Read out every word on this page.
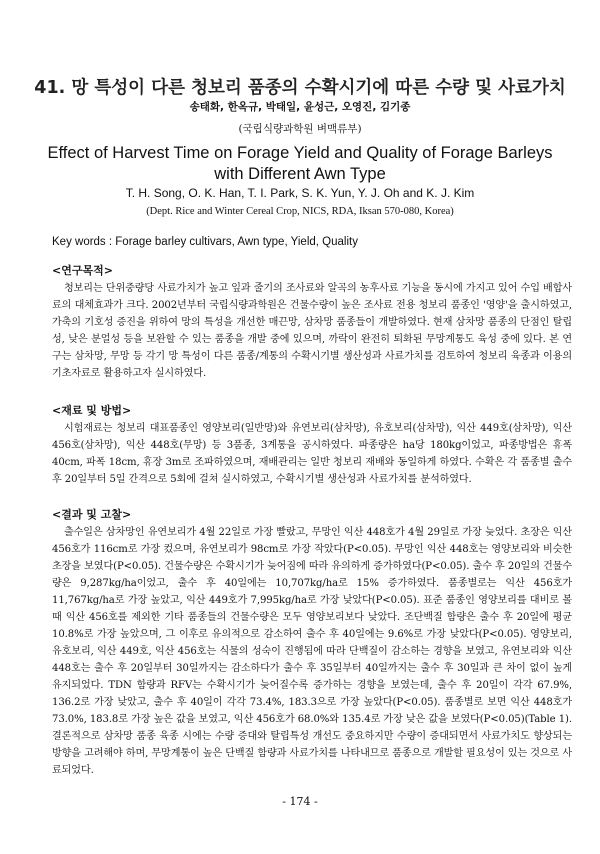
41. 망 특성이 다른 청보리 품종의 수확시기에 따른 수량 및 사료가치
송태화, 한옥규, 박태일, 윤성근, 오영진, 김기종
(국립식량과학원 벼맥류부)
Effect of Harvest Time on Forage Yield and Quality of Forage Barleys
with Different Awn Type
T. H. Song, O. K. Han, T. I. Park, S. K. Yun, Y. J. Oh and K. J. Kim
(Dept. Rice and Winter Cereal Crop, NICS, RDA, Iksan 570-080, Korea)
Key words : Forage barley cultivars, Awn type, Yield, Quality
<연구목적>

청보리는 단위중량당 사료가치가 높고 잎과 줄기의 조사료와 알곡의 농후사료 기능을 동시에 가지고 있어 수입 배합사료의 대체효과가 크다. 2002년부터 국립식량과학원은 건물수량이 높은 조사료 전용 청보리 품종인 '영양'을 출시하였고, 가축의 기호성 증진을 위하여 망의 특성을 개선한 매끈망, 삼차망 품종들이 개발하였다. 현재 삼차망 품종의 단점인 탈립성, 낮은 분얼성 등을 보완할 수 있는 품종을 개발 중에 있으며, 까락이 완전히 퇴화된 무망계통도 육성 중에 있다. 본 연구는 삼차망, 무망 등 각기 망 특성이 다른 품종/계통의 수확시기별 생산성과 사료가치를 검토하여 청보리 육종과 이용의 기초자료로 활용하고자 실시하였다.

<재료 및 방법>

시험재료는 청보리 대표품종인 영양보리(일반망)와 유연보리(삼차망), 유호보리(삼차망), 익산 449호(삼차망), 익산 456호(삼차망), 익산 448호(무망) 등 3품종, 3계통을 공시하였다. 파종량은 ha당 180kg이었고, 파종방법은 휴폭 40cm, 파폭 18cm, 휴장 3m로 조파하였으며, 재배관리는 일반 청보리 재배와 동일하게 하였다. 수확은 각 품종별 출수 후 20일부터 5일 간격으로 5회에 걸쳐 실시하였고, 수확시기별 생산성과 사료가치를 분석하였다.

<결과 및 고찰>

출수일은 삼차망인 유연보리가 4월 22일로 가장 빨랐고, 무망인 익산 448호가 4월 29일로 가장 늦었다. 초장은 익산 456호가 116cm로 가장 컸으며, 유연보리가 98cm로 가장 작았다(P<0.05). 무망인 익산 448호는 영양보리와 비슷한 초장을 보였다(P<0.05). 건물수량은 수확시기가 늦어짐에 따라 유의하게 증가하였다(P<0.05). 출수 후 20일의 건물수량은 9,287kg/ha이었고, 출수 후 40일에는 10,707kg/ha로 15% 증가하였다. 품종별로는 익산 456호가 11,767kg/ha로 가장 높았고, 익산 449호가 7,995kg/ha로 가장 낮았다(P<0.05). 표준 품종인 영양보리를 대비로 볼 때 익산 456호를 제외한 기타 품종들의 건물수량은 모두 영양보리보다 낮았다. 조단백질 함량은 출수 후 20일에 평균 10.8%로 가장 높았으며, 그 이후로 유의적으로 감소하여 출수 후 40일에는 9.6%로 가장 낮았다(P<0.05). 영양보리, 유호보리, 익산 449호, 익산 456호는 식물의 성숙이 진행됨에 따라 단백질이 감소하는 경향을 보였고, 유연보리와 익산 448호는 출수 후 20일부터 30일까지는 감소하다가 출수 후 35일부터 40일까지는 출수 후 30일과 큰 차이 없이 높게 유지되었다. TDN 함량과 RFV는 수확시기가 늦어질수록 증가하는 경향을 보였는데, 출수 후 20일이 각각 67.9%, 136.2로 가장 낮았고, 출수 후 40일이 각각 73.4%, 183.3으로 가장 높았다(P<0.05). 품종별로 보면 익산 448호가 73.0%, 183.8로 가장 높은 값을 보였고, 익산 456호가 68.0%와 135.4로 가장 낮은 값을 보였다(P<0.05)(Table 1). 결론적으로 삼차망 품종 육종 시에는 수량 증대와 탈립특성 개선도 중요하지만 수량이 증대되면서 사료가치도 향상되는 방향을 고려해야 하며, 무망계통이 높은 단백질 함량과 사료가치를 나타내므로 품종으로 개발할 필요성이 있는 것으로 사료되었다.

- 174 -
